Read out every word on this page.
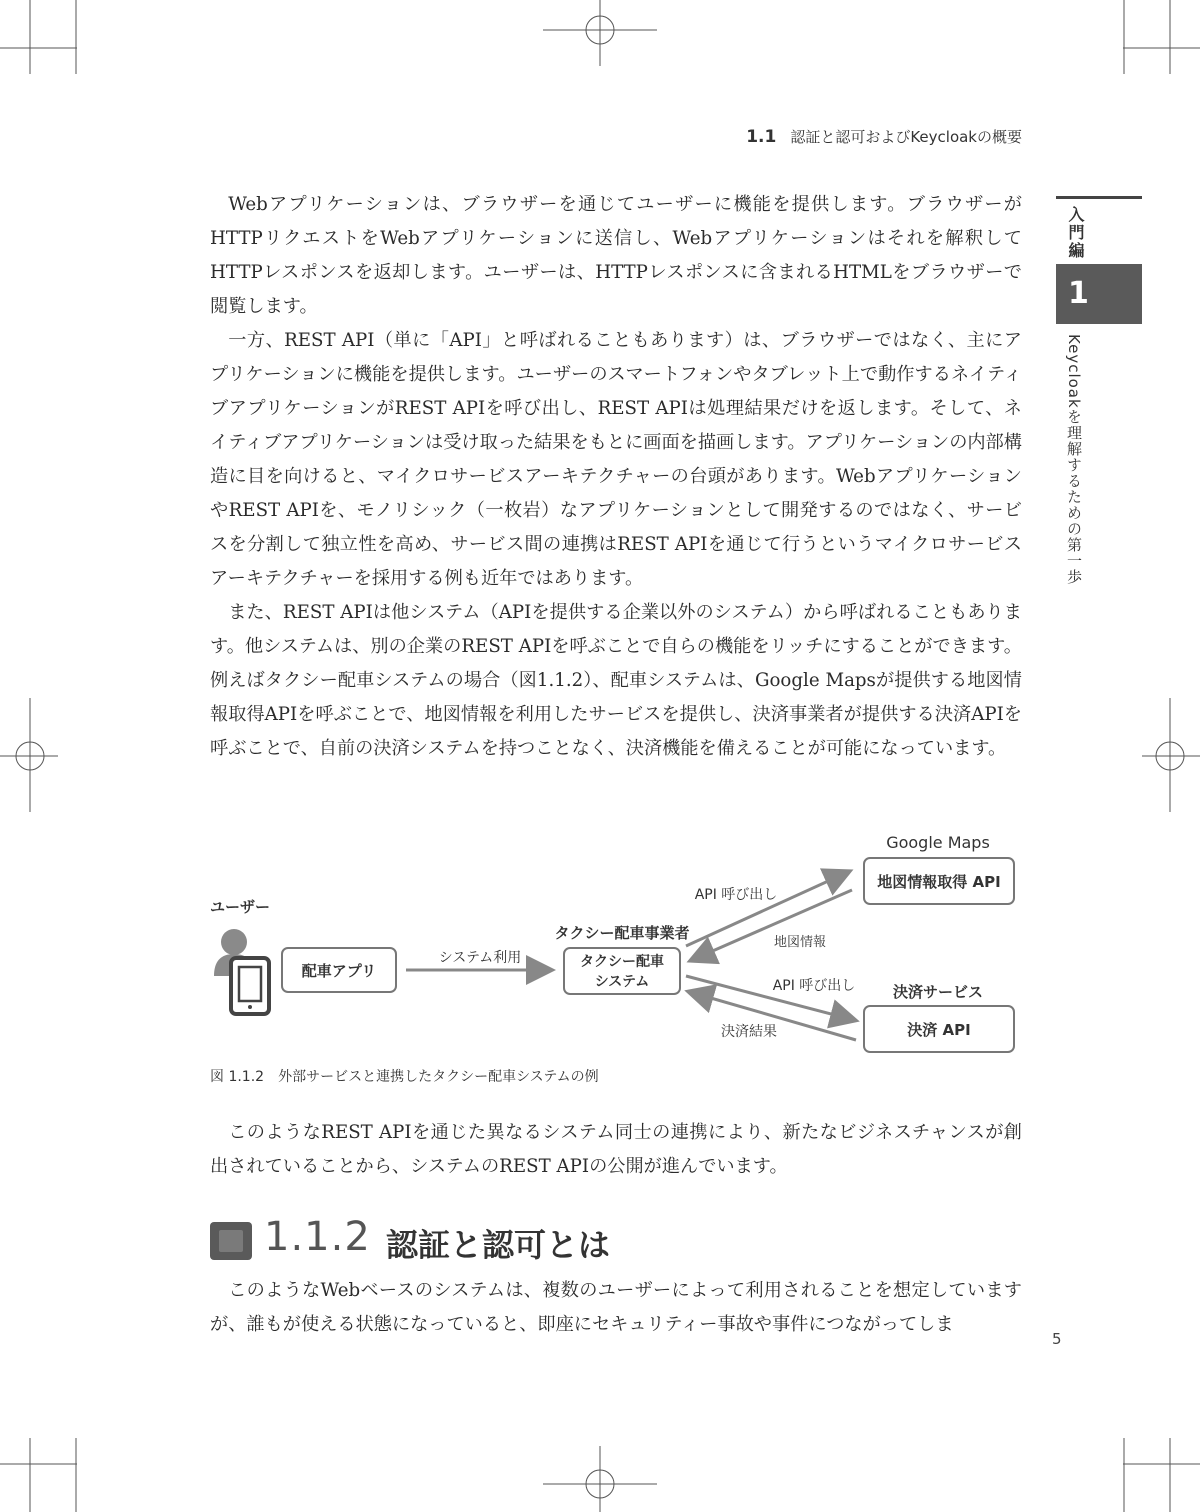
1.1 認証と認可およびKeycloakの概要
入門編
1
Keycloakを理解するための第一歩

Webアプリケーションは、ブラウザーを通じてユーザーに機能を提供します。ブラウザーがHTTPリクエストをWebアプリケーションに送信し、Webアプリケーションはそれを解釈してHTTPレスポンスを返却します。ユーザーは、HTTPレスポンスに含まれるHTMLをブラウザーで閲覧します。

一方、REST API（単に「API」と呼ばれることもあります）は、ブラウザーではなく、主にアプリケーションに機能を提供します。ユーザーのスマートフォンやタブレット上で動作するネイティブアプリケーションがREST APIを呼び出し、REST APIは処理結果だけを返します。そして、ネイティブアプリケーションは受け取った結果をもとに画面を描画します。アプリケーションの内部構造に目を向けると、マイクロサービスアーキテクチャーの台頭があります。WebアプリケーションやREST APIを、モノリシック（一枚岩）なアプリケーションとして開発するのではなく、サービスを分割して独立性を高め、サービス間の連携はREST APIを通じて行うというマイクロサービスアーキテクチャーを採用する例も近年ではあります。

また、REST APIは他システム（APIを提供する企業以外のシステム）から呼ばれることもあります。他システムは、別の企業のREST APIを呼ぶことで自らの機能をリッチにすることができます。例えばタクシー配車システムの場合（図1.1.2）、配車システムは、Google Mapsが提供する地図情報取得APIを呼ぶことで、地図情報を利用したサービスを提供し、決済事業者が提供する決済APIを呼ぶことで、自前の決済システムを持つことなく、決済機能を備えることが可能になっています。

ユーザー
配車アプリ
システム利用
タクシー配車事業者
タクシー配車
システム
API 呼び出し
地図情報
API 呼び出し
決済結果
Google Maps
地図情報取得 API
決済サービス
決済 API
図 1.1.2 外部サービスと連携したタクシー配車システムの例

このようなREST APIを通じた異なるシステム同士の連携により、新たなビジネスチャンスが創出されていることから、システムのREST APIの公開が進んでいます。

1.1.2 認証と認可とは

このようなWebベースのシステムは、複数のユーザーによって利用されることを想定していますが、誰もが使える状態になっていると、即座にセキュリティー事故や事件につながってしま

5
